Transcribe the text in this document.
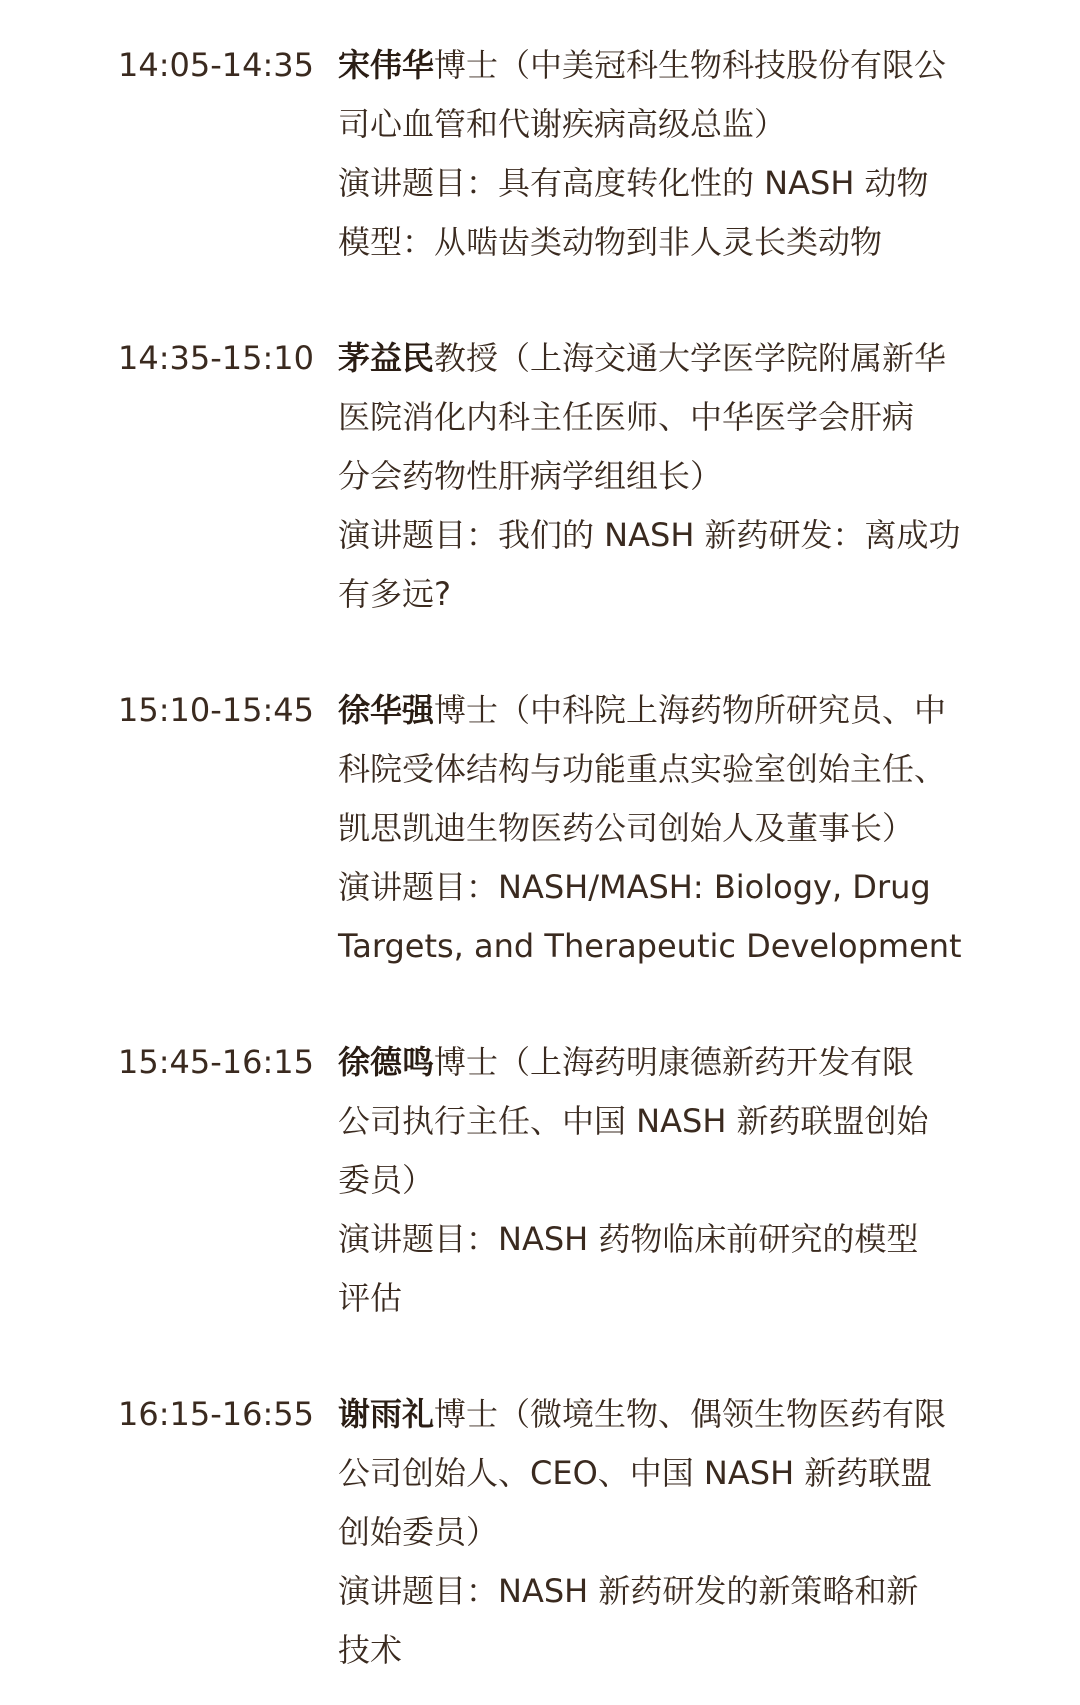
14:05-14:35 宋伟华博士（中美冠科生物科技股份有限公
司心血管和代谢疾病高级总监）
演讲题目：具有高度转化性的 NASH 动物
模型：从啮齿类动物到非人灵长类动物
14:35-15:10 茅益民教授（上海交通大学医学院附属新华
医院消化内科主任医师、中华医学会肝病
分会药物性肝病学组组长）
演讲题目：我们的 NASH 新药研发：离成功
有多远?
15:10-15:45 徐华强博士（中科院上海药物所研究员、中
科院受体结构与功能重点实验室创始主任、
凯思凯迪生物医药公司创始人及董事长）
演讲题目：NASH/MASH: Biology, Drug
Targets, and Therapeutic Development
15:45-16:15 徐德鸣博士（上海药明康德新药开发有限
公司执行主任、中国 NASH 新药联盟创始
委员）
演讲题目：NASH 药物临床前研究的模型
评估
16:15-16:55 谢雨礼博士（微境生物、偶领生物医药有限
公司创始人、CEO、中国 NASH 新药联盟
创始委员）
演讲题目：NASH 新药研发的新策略和新
技术
